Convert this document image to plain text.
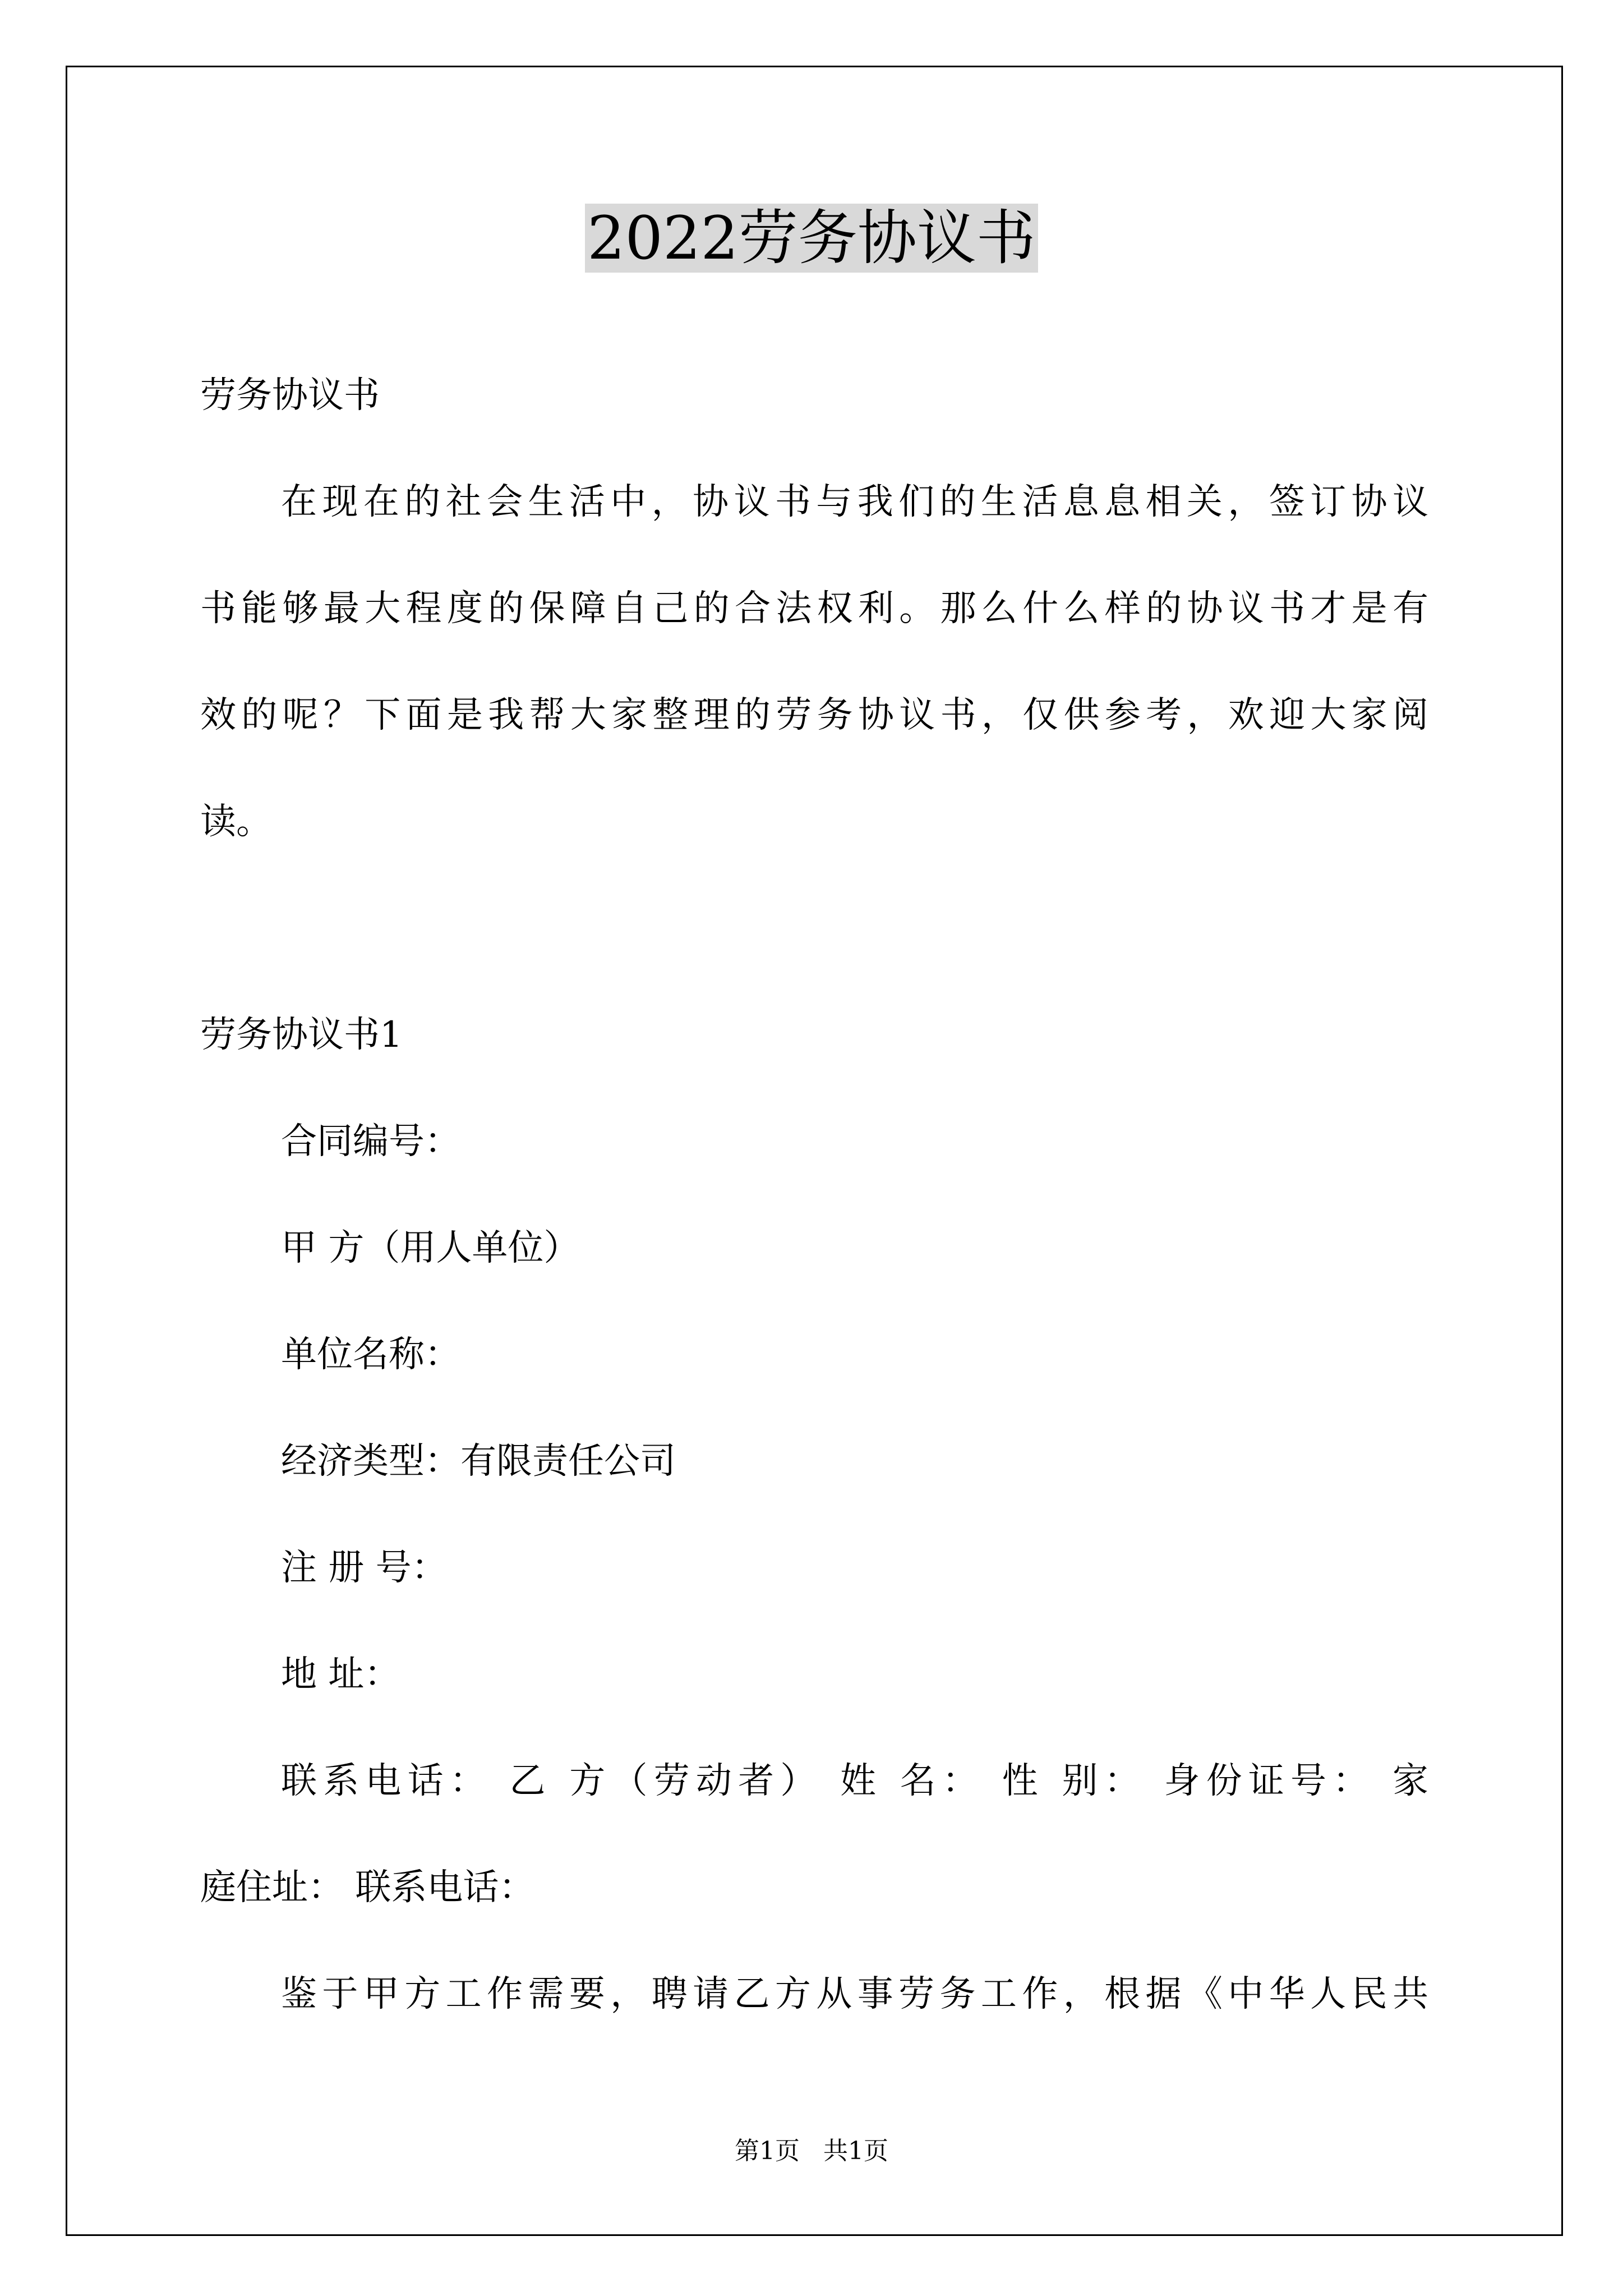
2022劳务协议书
劳务协议书
在现在的社会生活中，协议书与我们的生活息息相关，签订协议
书能够最大程度的保障自己的合法权利。那么什么样的协议书才是有
效的呢？下面是我帮大家整理的劳务协议书，仅供参考，欢迎大家阅
读。
劳务协议书1
合同编号：
甲 方（用人单位）
单位名称：
经济类型：有限责任公司
注 册 号：
地 址：
联系电话： 乙 方（劳动者） 姓 名： 性 别： 身份证号： 家
庭住址： 联系电话：
鉴于甲方工作需要，聘请乙方从事劳务工作，根据《中华人民共
第1页 共1页
